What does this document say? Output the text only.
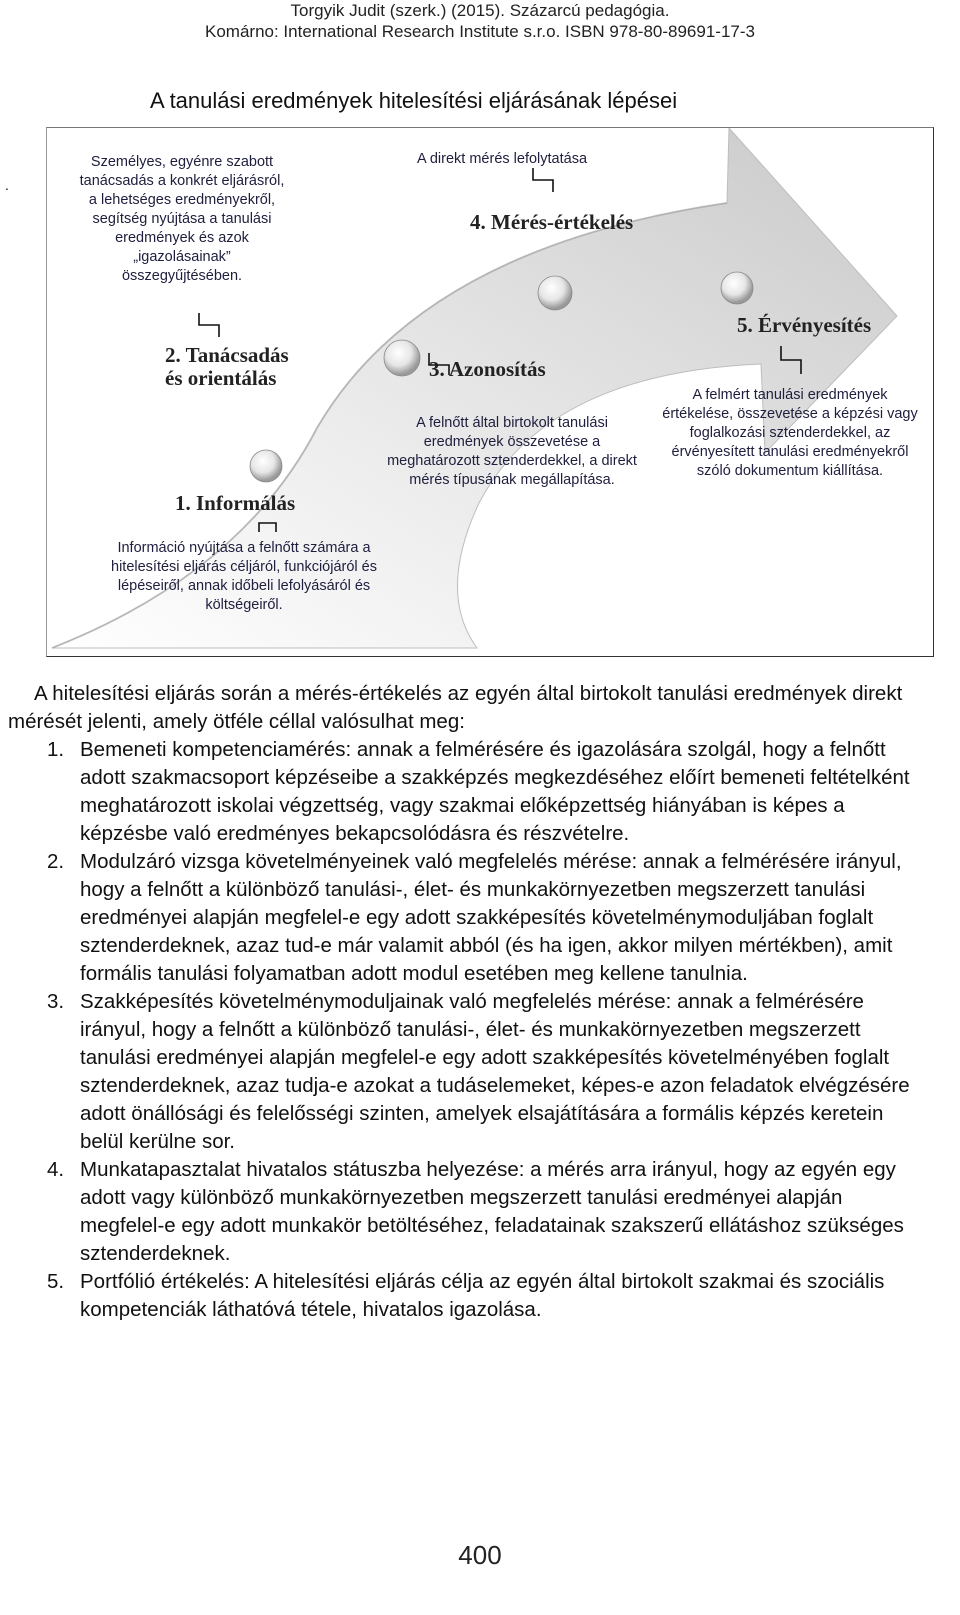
Torgyik Judit (szerk.) (2015). Százarcú pedagógia.
Komárno: International Research Institute s.r.o. ISBN 978-80-89691-17-3
A tanulási eredmények hitelesítési eljárásának lépései
1. Informálás
2. Tanácsadás
és orientálás	3. Azonosítás
4. Mérés-értékelés
5. Érvényesítés
Személyes, egyénre szabott tanácsadás a konkrét eljárásról, a lehetséges eredményekről, segítség nyújtása a tanulási eredmények és azok „igazolásainak” összegyűjtésében.
A direkt mérés lefolytatása
A felnőtt által birtokolt tanulási eredmények összevetése a meghatározott sztenderdekkel, a direkt mérés típusának megállapítása.
A felmért tanulási eredmények értékelése, összevetése a képzési vagy foglalkozási sztenderdekkel, az érvényesített tanulási eredményekről szóló dokumentum kiállítása.
Információ nyújtása a felnőtt számára a hitelesítési eljárás céljáról, funkciójáról és lépéseiről, annak időbeli lefolyásáról és költségeiről.
.
A hitelesítési eljárás során a mérés-értékelés az egyén által birtokolt tanulási eredmények direkt mérését jelenti, amely ötféle céllal valósulhat meg:
1. Bemeneti kompetenciamérés: annak a felmérésére és igazolására szolgál, hogy a felnőtt adott szakmacsoport képzéseibe a szakképzés megkezdéséhez előírt bemeneti feltételként meghatározott iskolai végzettség, vagy szakmai előképzettség hiányában is képes a képzésbe való eredményes bekapcsolódásra és részvételre.
2. Modulzáró vizsga követelményeinek való megfelelés mérése: annak a felmérésére irányul, hogy a felnőtt a különböző tanulási-, élet- és munkakörnyezetben megszerzett tanulási eredményei alapján megfelel-e egy adott szakképesítés követelménymoduljában foglalt sztenderdeknek, azaz tud-e már valamit abból (és ha igen, akkor milyen mértékben), amit formális tanulási folyamatban adott modul esetében meg kellene tanulnia.
3. Szakképesítés követelménymoduljainak való megfelelés mérése: annak a felmérésére irányul, hogy a felnőtt a különböző tanulási-, élet- és munkakörnyezetben megszerzett tanulási eredményei alapján megfelel-e egy adott szakképesítés követelményében foglalt sztenderdeknek, azaz tudja-e azokat a tudáselemeket, képes-e azon feladatok elvégzésére adott önállósági és felelősségi szinten, amelyek elsajátítására a formális képzés keretein belül kerülne sor.
4. Munkatapasztalat hivatalos státuszba helyezése: a mérés arra irányul, hogy az egyén egy adott vagy különböző munkakörnyezetben megszerzett tanulási eredményei alapján megfelel-e egy adott munkakör betöltéséhez, feladatainak szakszerű ellátáshoz szükséges sztenderdeknek.
5. Portfólió értékelés: A hitelesítési eljárás célja az egyén által birtokolt szakmai és szociális kompetenciák láthatóvá tétele, hivatalos igazolása.
400
